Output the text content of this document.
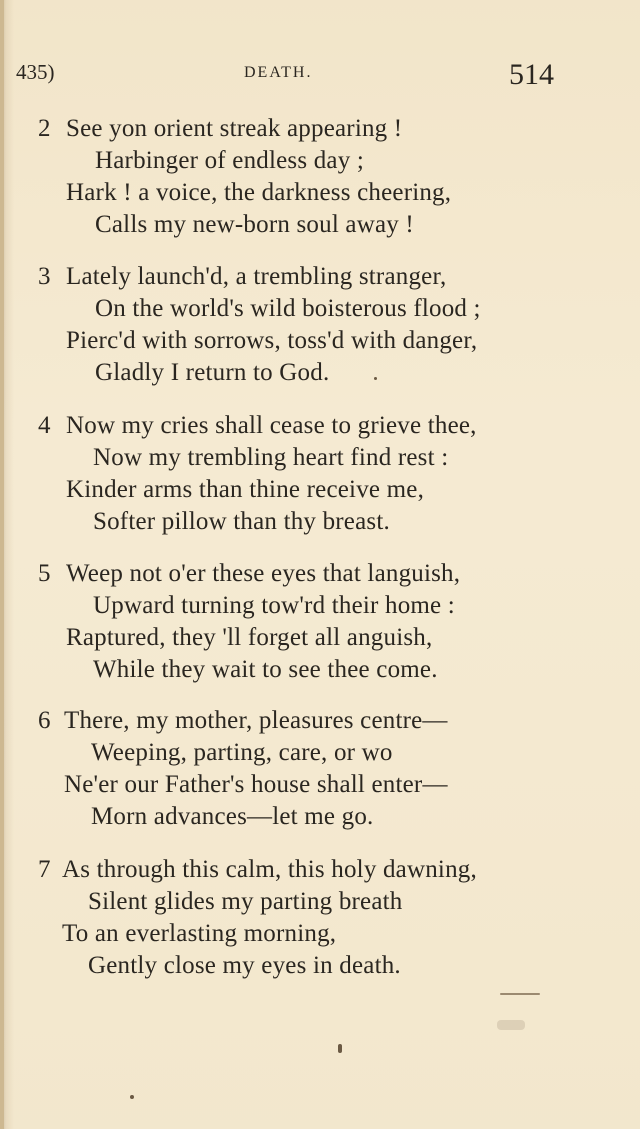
435)	DEATH.	514
2 See yon orient streak appearing !
Harbinger of endless day ;
Hark ! a voice, the darkness cheering,
Calls my new-born soul away !
3 Lately launch'd, a trembling stranger,
On the world's wild boisterous flood ;
Pierc'd with sorrows, toss'd with danger,
Gladly I return to God.
4 Now my cries shall cease to grieve thee,
Now my trembling heart find rest :
Kinder arms than thine receive me,
Softer pillow than thy breast.
5 Weep not o'er these eyes that languish,
Upward turning tow'rd their home :
Raptured, they 'll forget all anguish,
While they wait to see thee come.
6 There, my mother, pleasures centre—
Weeping, parting, care, or wo
Ne'er our Father's house shall enter—
Morn advances—let me go.
7 As through this calm, this holy dawning,
Silent glides my parting breath
To an everlasting morning,
Gently close my eyes in death.
